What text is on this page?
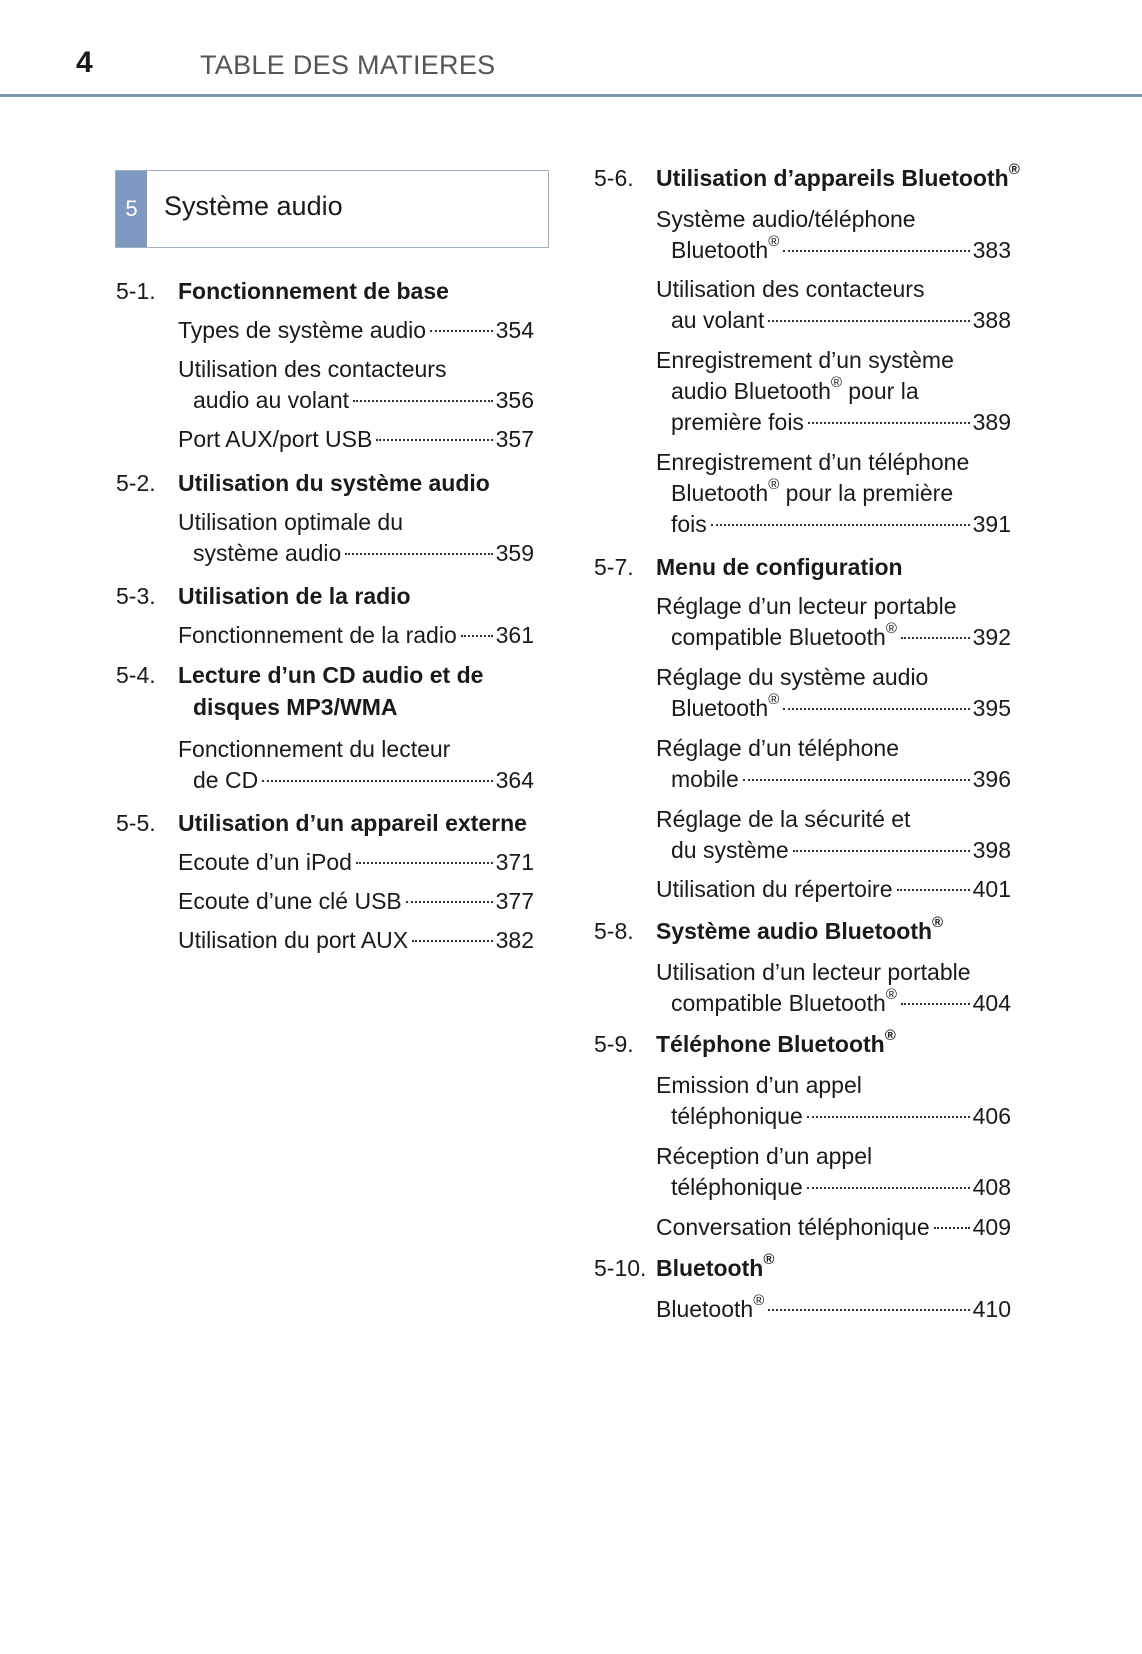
4	TABLE DES MATIERES
5 Système audio
5-1. Fonctionnement de base
Types de système audio	354
Utilisation des contacteurs
audio au volant	356
Port AUX/port USB	357
5-2. Utilisation du système audio
Utilisation optimale du
système audio	359
5-3. Utilisation de la radio
Fonctionnement de la radio 361
5-4. Lecture d’un CD audio et de
disques MP3/WMA
Fonctionnement du lecteur
de CD	364
5-5. Utilisation d’un appareil externe
Ecoute d’un iPod	371
Ecoute d’une clé USB	377
Utilisation du port AUX	382
5-6. Utilisation d’appareils Bluetooth®
Système audio/téléphone
Bluetooth®	383
Utilisation des contacteurs
au volant	388
Enregistrement d’un système
audio Bluetooth® pour la
première fois	389
Enregistrement d’un téléphone
Bluetooth® pour la première
fois	391
5-7. Menu de configuration
Réglage d’un lecteur portable
compatible Bluetooth®	392
Réglage du système audio
Bluetooth®	395
Réglage d’un téléphone
mobile	396
Réglage de la sécurité et
du système	398
Utilisation du répertoire	401
5-8. Système audio Bluetooth®
Utilisation d’un lecteur portable
compatible Bluetooth®	404
5-9. Téléphone Bluetooth®
Emission d’un appel
téléphonique	406
Réception d’un appel
téléphonique	408
Conversation téléphonique 409
5-10. Bluetooth®
Bluetooth®	410
